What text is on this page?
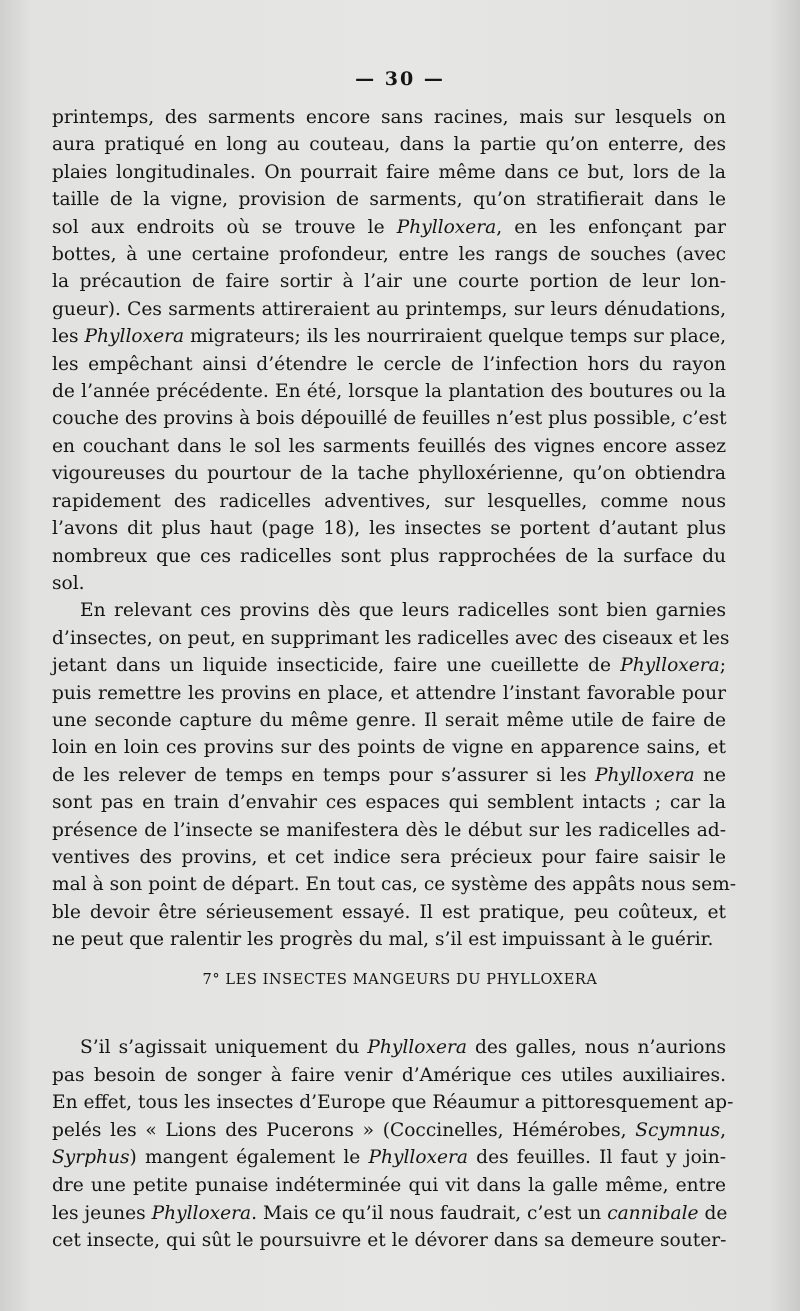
— 30 —
printemps, des sarments encore sans racines, mais sur lesquels on
aura pratiqué en long au couteau, dans la partie qu’on enterre, des
plaies longitudinales. On pourrait faire même dans ce but, lors de la
taille de la vigne, provision de sarments, qu’on stratifierait dans le
sol aux endroits où se trouve le Phylloxera, en les enfonçant par
bottes, à une certaine profondeur, entre les rangs de souches (avec
la précaution de faire sortir à l’air une courte portion de leur lon-
gueur). Ces sarments attireraient au printemps, sur leurs dénudations,
les Phylloxera migrateurs; ils les nourriraient quelque temps sur place,
les empêchant ainsi d’étendre le cercle de l’infection hors du rayon
de l’année précédente. En été, lorsque la plantation des boutures ou la
couche des provins à bois dépouillé de feuilles n’est plus possible, c’est
en couchant dans le sol les sarments feuillés des vignes encore assez
vigoureuses du pourtour de la tache phylloxérienne, qu’on obtiendra
rapidement des radicelles adventives, sur lesquelles, comme nous
l’avons dit plus haut (page 18), les insectes se portent d’autant plus
nombreux que ces radicelles sont plus rapprochées de la surface du
sol.
En relevant ces provins dès que leurs radicelles sont bien garnies
d’insectes, on peut, en supprimant les radicelles avec des ciseaux et les
jetant dans un liquide insecticide, faire une cueillette de Phylloxera;
puis remettre les provins en place, et attendre l’instant favorable pour
une seconde capture du même genre. Il serait même utile de faire de
loin en loin ces provins sur des points de vigne en apparence sains, et
de les relever de temps en temps pour s’assurer si les Phylloxera ne
sont pas en train d’envahir ces espaces qui semblent intacts ; car la
présence de l’insecte se manifestera dès le début sur les radicelles ad-
ventives des provins, et cet indice sera précieux pour faire saisir le
mal à son point de départ. En tout cas, ce système des appâts nous sem-
ble devoir être sérieusement essayé. Il est pratique, peu coûteux, et
ne peut que ralentir les progrès du mal, s’il est impuissant à le guérir.
7° LES INSECTES MANGEURS DU PHYLLOXERA
S’il s’agissait uniquement du Phylloxera des galles, nous n’aurions
pas besoin de songer à faire venir d’Amérique ces utiles auxiliaires.
En effet, tous les insectes d’Europe que Réaumur a pittoresquement ap-
pelés les « Lions des Pucerons » (Coccinelles, Hémérobes, Scymnus,
Syrphus) mangent également le Phylloxera des feuilles. Il faut y join-
dre une petite punaise indéterminée qui vit dans la galle même, entre
les jeunes Phylloxera. Mais ce qu’il nous faudrait, c’est un cannibale de
cet insecte, qui sût le poursuivre et le dévorer dans sa demeure souter-
